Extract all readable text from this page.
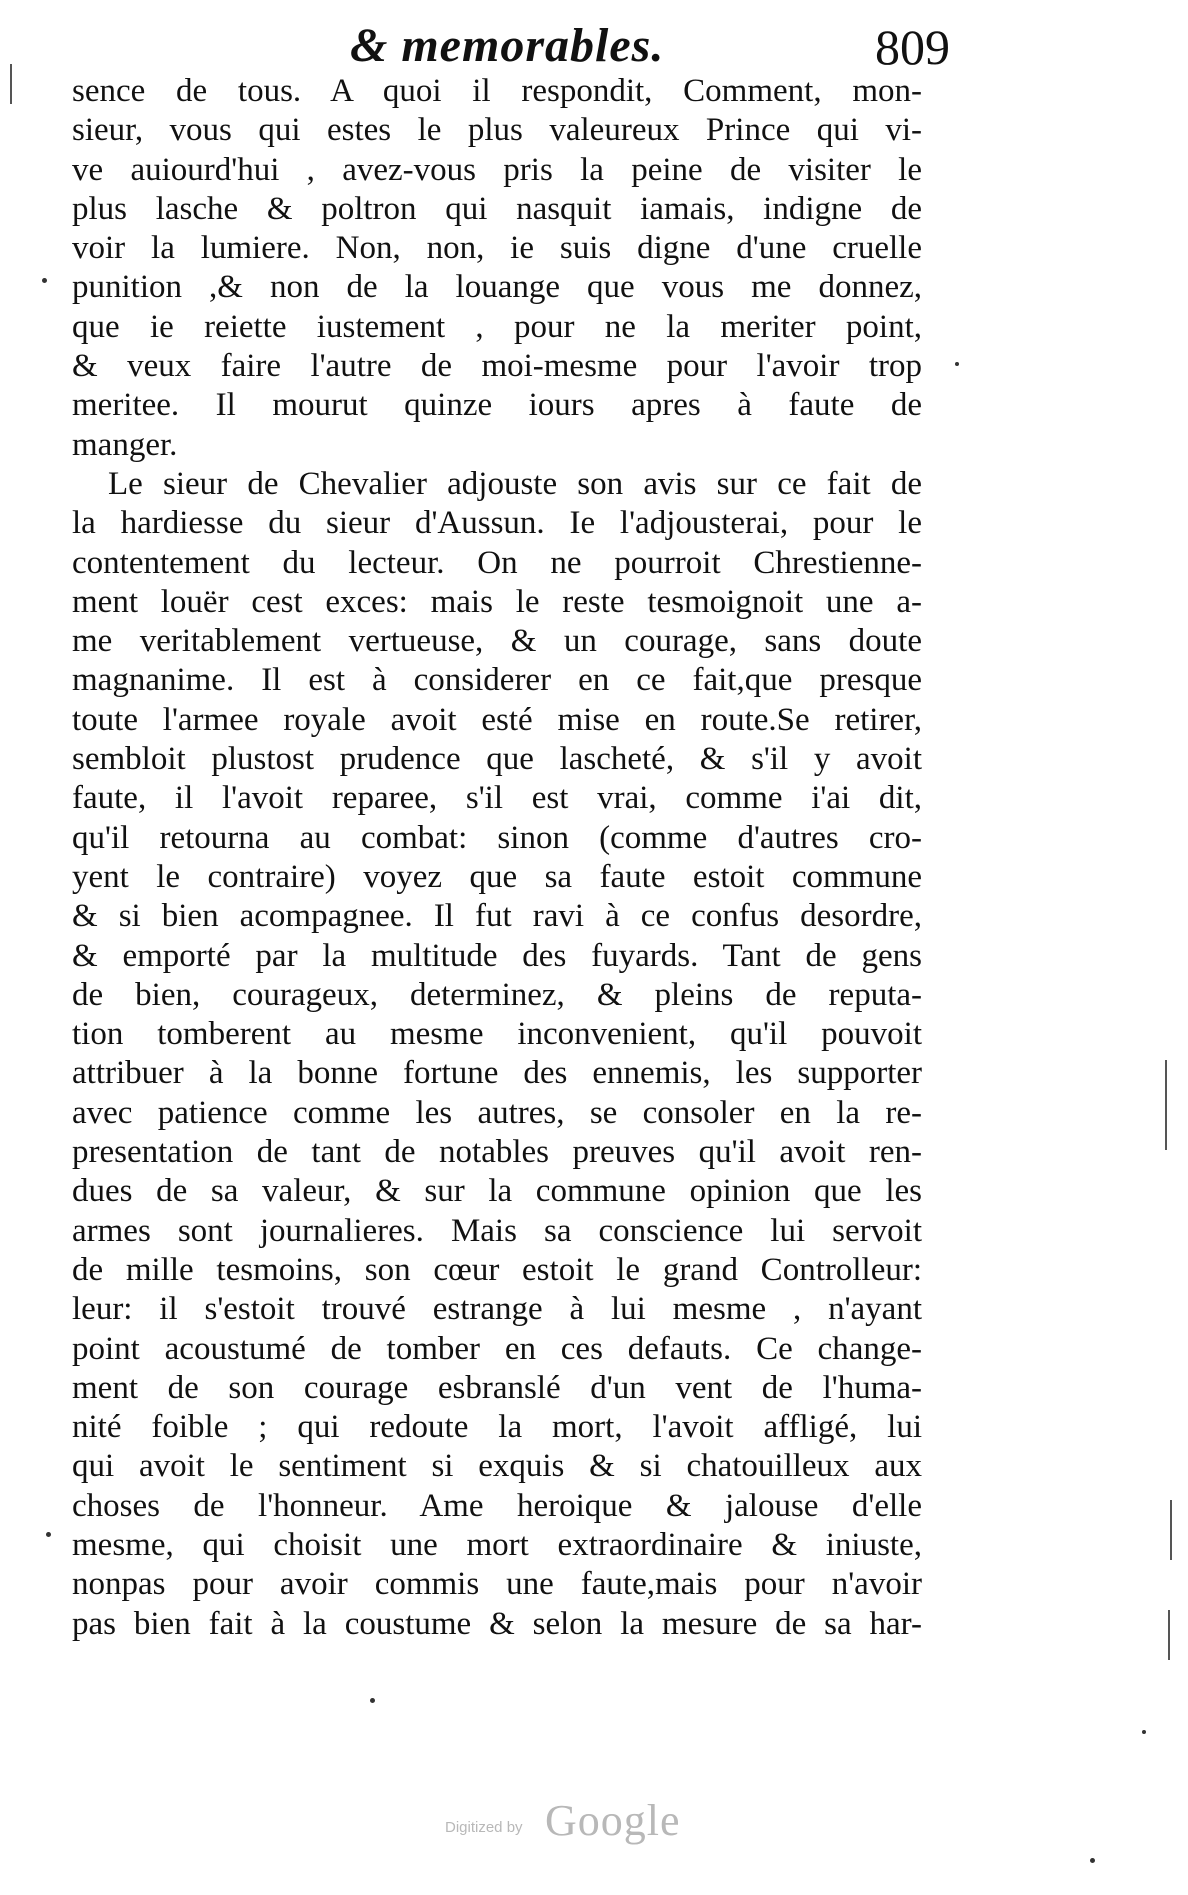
& memorables.	809
sence de tous. A quoi il respondit, Comment, mon-
sieur, vous qui estes le plus valeureux Prince qui vi-
ve auiourd'hui , avez-vous pris la peine de visiter le
plus lasche & poltron qui nasquit iamais, indigne de
voir la lumiere. Non, non, ie suis digne d'une cruelle
punition ,& non de la louange que vous me donnez,
que ie reiette iustement , pour ne la meriter point,
& veux faire l'autre de moi-mesme pour l'avoir trop
meritee. Il mourut quinze iours apres à faute de
manger.
Le sieur de Chevalier adjouste son avis sur ce fait de
la hardiesse du sieur d'Aussun. Ie l'adjousterai, pour le
contentement du lecteur. On ne pourroit Chrestienne-
ment louër cest exces: mais le reste tesmoignoit une a-
me veritablement vertueuse, & un courage, sans doute
magnanime. Il est à considerer en ce fait,que presque
toute l'armee royale avoit esté mise en route.Se retirer,
sembloit plustost prudence que lascheté, & s'il y avoit
faute, il l'avoit reparee, s'il est vrai, comme i'ai dit,
qu'il retourna au combat: sinon (comme d'autres cro-
yent le contraire) voyez que sa faute estoit commune
& si bien acompagnee. Il fut ravi à ce confus desordre,
& emporté par la multitude des fuyards. Tant de gens
de bien, courageux, determinez, & pleins de reputa-
tion tomberent au mesme inconvenient, qu'il pouvoit
attribuer à la bonne fortune des ennemis, les supporter
avec patience comme les autres, se consoler en la re-
presentation de tant de notables preuves qu'il avoit ren-
dues de sa valeur, & sur la commune opinion que les
armes sont journalieres. Mais sa conscience lui servoit
de mille tesmoins, son cœur estoit le grand Controlleur:
leur: il s'estoit trouvé estrange à lui mesme , n'ayant
point acoustumé de tomber en ces defauts. Ce change-
ment de son courage esbranslé d'un vent de l'huma-
nité foible ; qui redoute la mort, l'avoit affligé, lui
qui avoit le sentiment si exquis & si chatouilleux aux
choses de l'honneur. Ame heroique & jalouse d'elle
mesme, qui choisit une mort extraordinaire & iniuste,
nonpas pour avoir commis une faute,mais pour n'avoir
pas bien fait à la coustume & selon la mesure de sa har-
Digitized by Google
